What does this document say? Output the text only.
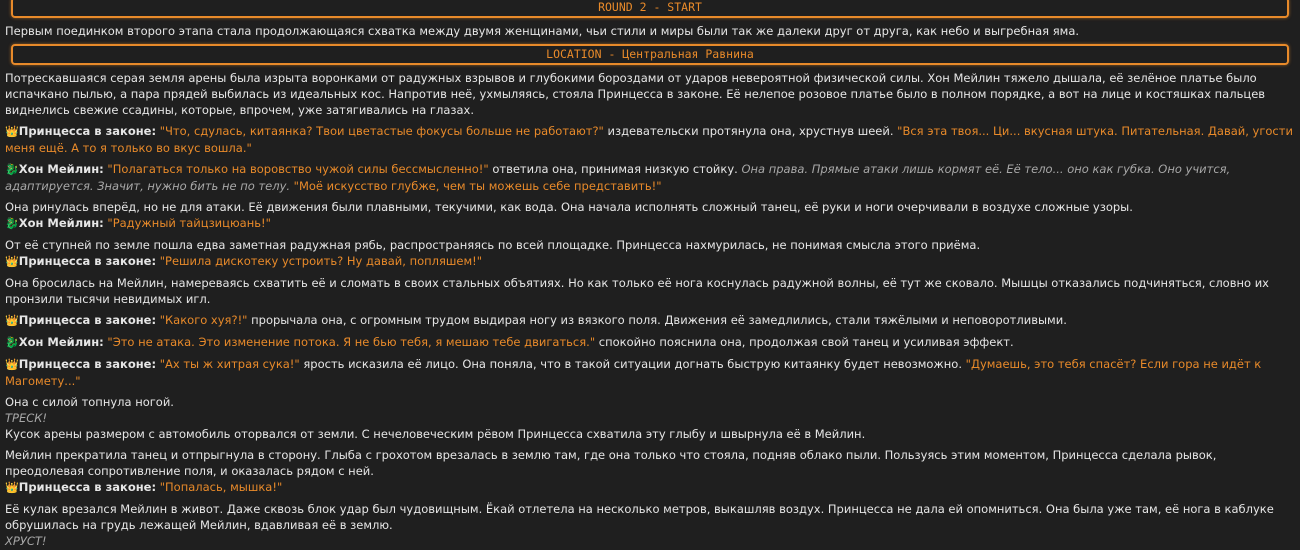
ROUND 2 - START

Первым поединком второго этапа стала продолжающаяся схватка между двумя женщинами, чьи стили и миры были так же далеки друг от друга, как небо и выгребная яма.

LOCATION - Центральная Равнина

Потрескавшаяся серая земля арены была изрыта воронками от радужных взрывов и глубокими бороздами от ударов невероятной физической силы. Хон Мейлин тяжело дышала, её зелёное платье было испачкано пылью, а пара прядей выбилась из идеальных кос. Напротив неё, ухмыляясь, стояла Принцесса в законе. Её нелепое розовое платье было в полном порядке, а вот на лице и костяшках пальцев виднелись свежие ссадины, которые, впрочем, уже затягивались на глазах.

👑Принцесса в законе: "Что, сдулась, китаянка? Твои цветастые фокусы больше не работают?" издевательски протянула она, хрустнув шеей. "Вся эта твоя... Ци... вкусная штука. Питательная. Давай, угости меня ещё. А то я только во вкус вошла."

🐉Хон Мейлин: "Полагаться только на воровство чужой силы бессмысленно!" ответила она, принимая низкую стойку. Она права. Прямые атаки лишь кормят её. Её тело... оно как губка. Оно учится, адаптируется. Значит, нужно бить не по телу. "Моё искусство глубже, чем ты можешь себе представить!"

Она ринулась вперёд, но не для атаки. Её движения были плавными, текучими, как вода. Она начала исполнять сложный танец, её руки и ноги очерчивали в воздухе сложные узоры.

🐉Хон Мейлин: "Радужный тайцзицюань!"

От её ступней по земле пошла едва заметная радужная рябь, распространяясь по всей площадке. Принцесса нахмурилась, не понимая смысла этого приёма.

👑Принцесса в законе: "Решила дискотеку устроить? Ну давай, попляшем!"

Она бросилась на Мейлин, намереваясь схватить её и сломать в своих стальных объятиях. Но как только её нога коснулась радужной волны, её тут же сковало. Мышцы отказались подчиняться, словно их пронзили тысячи невидимых игл.

👑Принцесса в законе: "Какого хуя?!" прорычала она, с огромным трудом выдирая ногу из вязкого поля. Движения её замедлились, стали тяжёлыми и неповоротливыми.

🐉Хон Мейлин: "Это не атака. Это изменение потока. Я не бью тебя, я мешаю тебе двигаться." спокойно пояснила она, продолжая свой танец и усиливая эффект.

👑Принцесса в законе: "Ах ты ж хитрая сука!" ярость исказила её лицо. Она поняла, что в такой ситуации догнать быструю китаянку будет невозможно. "Думаешь, это тебя спасёт? Если гора не идёт к Магомету..."

Она с силой топнула ногой.

ТРЕСК!

Кусок арены размером с автомобиль оторвался от земли. С нечеловеческим рёвом Принцесса схватила эту глыбу и швырнула её в Мейлин.

Мейлин прекратила танец и отпрыгнула в сторону. Глыба с грохотом врезалась в землю там, где она только что стояла, подняв облако пыли. Пользуясь этим моментом, Принцесса сделала рывок, преодолевая сопротивление поля, и оказалась рядом с ней.

👑Принцесса в законе: "Попалась, мышка!"

Её кулак врезался Мейлин в живот. Даже сквозь блок удар был чудовищным. Ёкай отлетела на несколько метров, выкашляв воздух. Принцесса не дала ей опомниться. Она была уже там, её нога в каблуке обрушилась на грудь лежащей Мейлин, вдавливая её в землю.

ХРУСТ!
